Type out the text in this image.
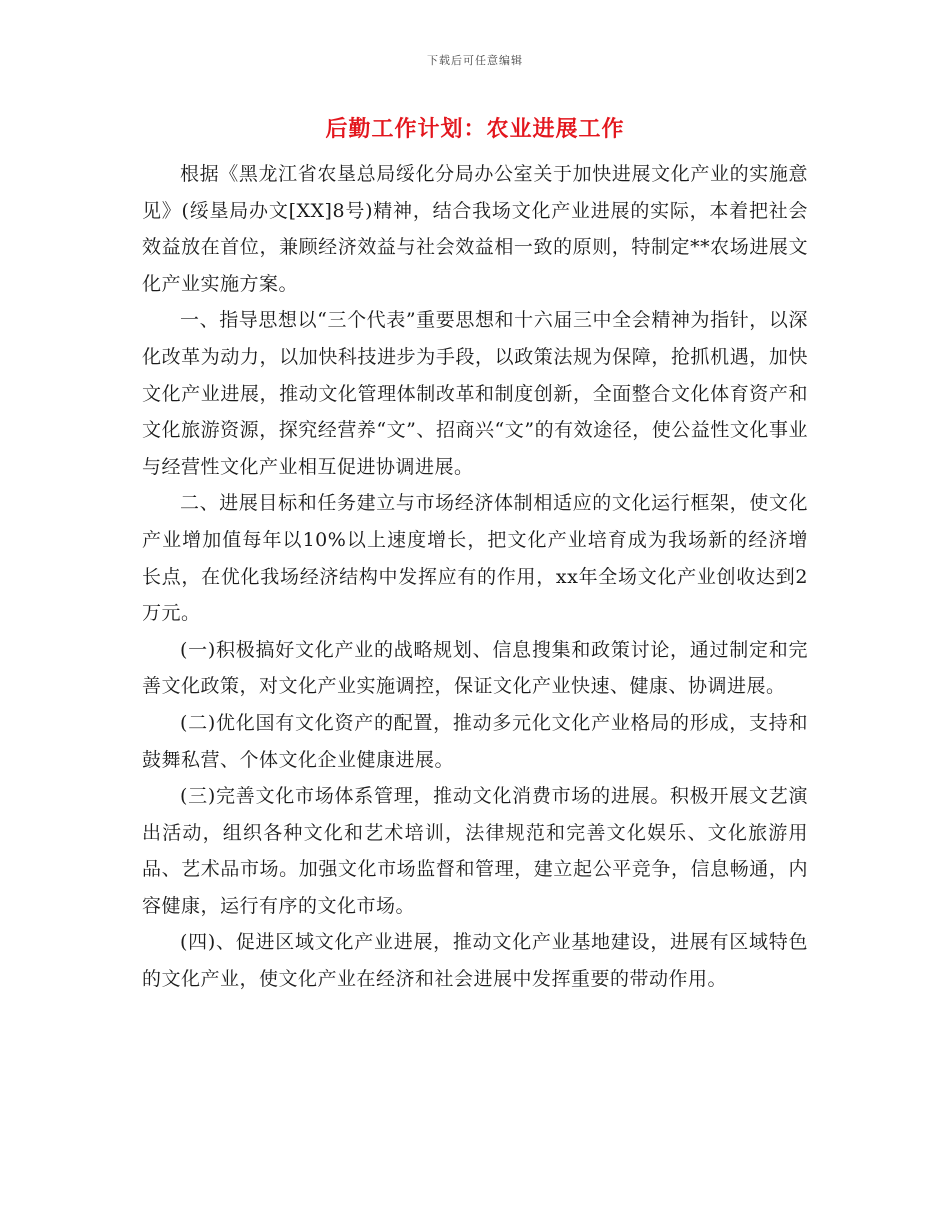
下载后可任意编辑
后勤工作计划：农业进展工作

根据《黑龙江省农垦总局绥化分局办公室关于加快进展文化产业的实施意见》(绥垦局办文[XX]8号)精神，结合我场文化产业进展的实际，本着把社会效益放在首位，兼顾经济效益与社会效益相一致的原则，特制定**农场进展文化产业实施方案。

一、指导思想以“三个代表”重要思想和十六届三中全会精神为指针，以深化改革为动力，以加快科技进步为手段，以政策法规为保障，抢抓机遇，加快文化产业进展，推动文化管理体制改革和制度创新，全面整合文化体育资产和文化旅游资源，探究经营养“文”、招商兴“文”的有效途径，使公益性文化事业与经营性文化产业相互促进协调进展。

二、进展目标和任务建立与市场经济体制相适应的文化运行框架，使文化产业增加值每年以10%以上速度增长，把文化产业培育成为我场新的经济增长点，在优化我场经济结构中发挥应有的作用，xx年全场文化产业创收达到2万元。

(一)积极搞好文化产业的战略规划、信息搜集和政策讨论，通过制定和完善文化政策，对文化产业实施调控，保证文化产业快速、健康、协调进展。

(二)优化国有文化资产的配置，推动多元化文化产业格局的形成，支持和鼓舞私营、个体文化企业健康进展。

(三)完善文化市场体系管理，推动文化消费市场的进展。积极开展文艺演出活动，组织各种文化和艺术培训，法律规范和完善文化娱乐、文化旅游用品、艺术品市场。加强文化市场监督和管理，建立起公平竞争，信息畅通，内容健康，运行有序的文化市场。

(四)、促进区域文化产业进展，推动文化产业基地建设，进展有区域特色的文化产业，使文化产业在经济和社会进展中发挥重要的带动作用。
